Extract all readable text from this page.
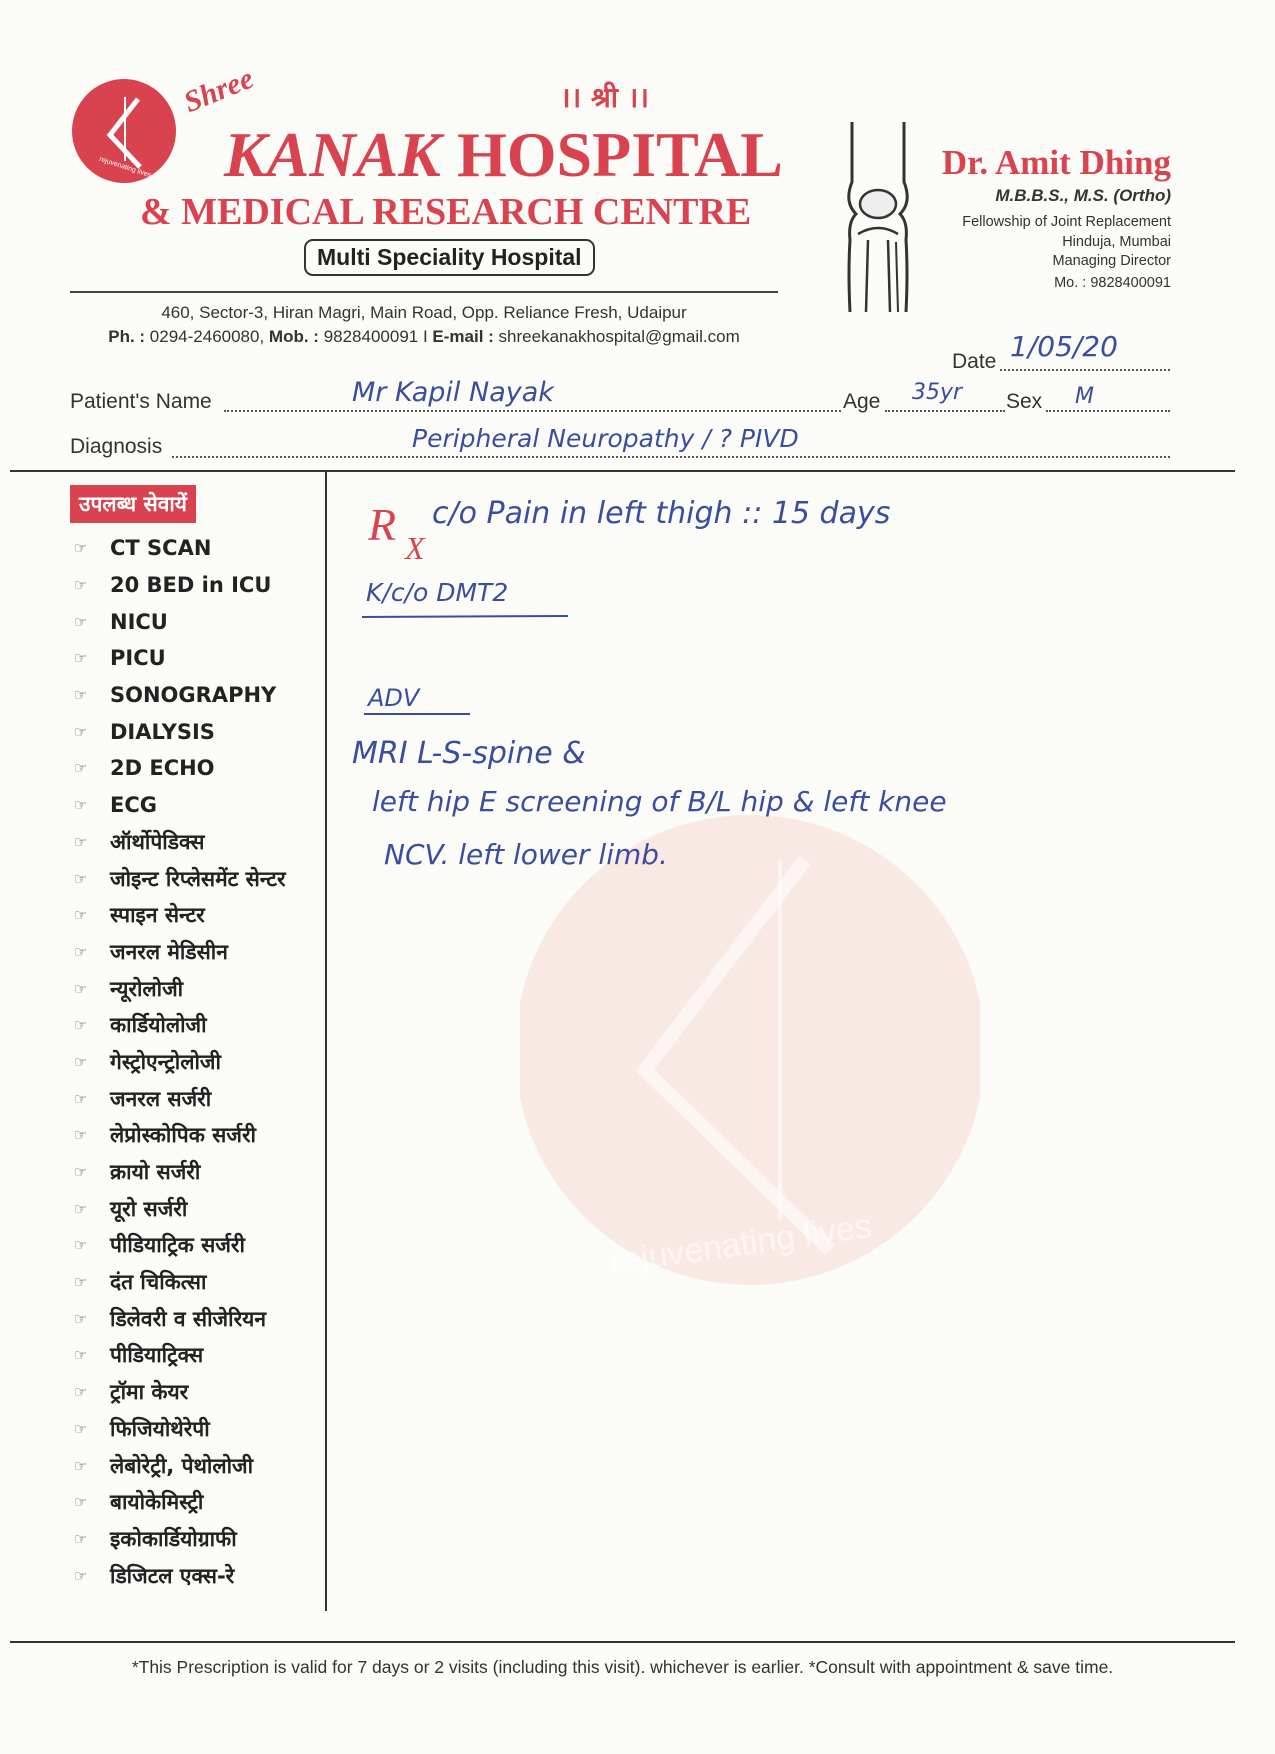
rejuvenating lives
rejuvenating lives
।। श्री ।।
Shree
KANAK HOSPITAL
& MEDICAL RESEARCH CENTRE
Multi Speciality Hospital
460, Sector-3, Hiran Magri, Main Road, Opp. Reliance Fresh, Udaipur
Ph. : 0294-2460080, Mob. : 9828400091 I E-mail : shreekanakhospital@gmail.com
Dr. Amit Dhing
M.B.B.S., M.S. (Ortho)
Fellowship of Joint Replacement
Hinduja, Mumbai
Managing Director
Mo. : 9828400091
Date 1/05/20
Patient's Name	Mr Kapil Nayak	Age 35yr Sex M
Diagnosis	Peripheral Neuropathy / ? PIVD
उपलब्ध सेवायें
☞	CT SCAN
☞	20 BED in ICU
☞	NICU
☞	PICU
☞	SONOGRAPHY
☞	DIALYSIS
☞	2D ECHO
☞	ECG
☞	ऑर्थोपेडिक्स
☞	जोइन्ट रिप्लेसमेंट सेन्टर
☞	स्पाइन सेन्टर
☞	जनरल मेडिसीन
☞	न्यूरोलोजी
☞	कार्डियोलोजी
☞	गेस्ट्रोएन्ट्रोलोजी
☞	जनरल सर्जरी
☞	लेप्रोस्कोपिक सर्जरी
☞	क्रायो सर्जरी
☞	यूरो सर्जरी
☞	पीडियाट्रिक सर्जरी
☞	दंत चिकित्सा
☞	डिलेवरी व सीजेरियन
☞	पीडियाट्रिक्स
☞	ट्रॉमा केयर
☞	फिजियोथेरेपी
☞	लेबोरेट्री, पेथोलोजी
☞	बायोकेमिस्ट्री
☞	इकोकार्डियोग्राफी
☞	डिजिटल एक्स-रे
R X
c/o Pain in left thigh :: 15 days
K/c/o DMT2
ADV
MRI L-S-spine &
left hip E screening of B/L hip & left knee
NCV. left lower limb.
*This Prescription is valid for 7 days or 2 visits (including this visit). whichever is earlier. *Consult with appointment & save time.
